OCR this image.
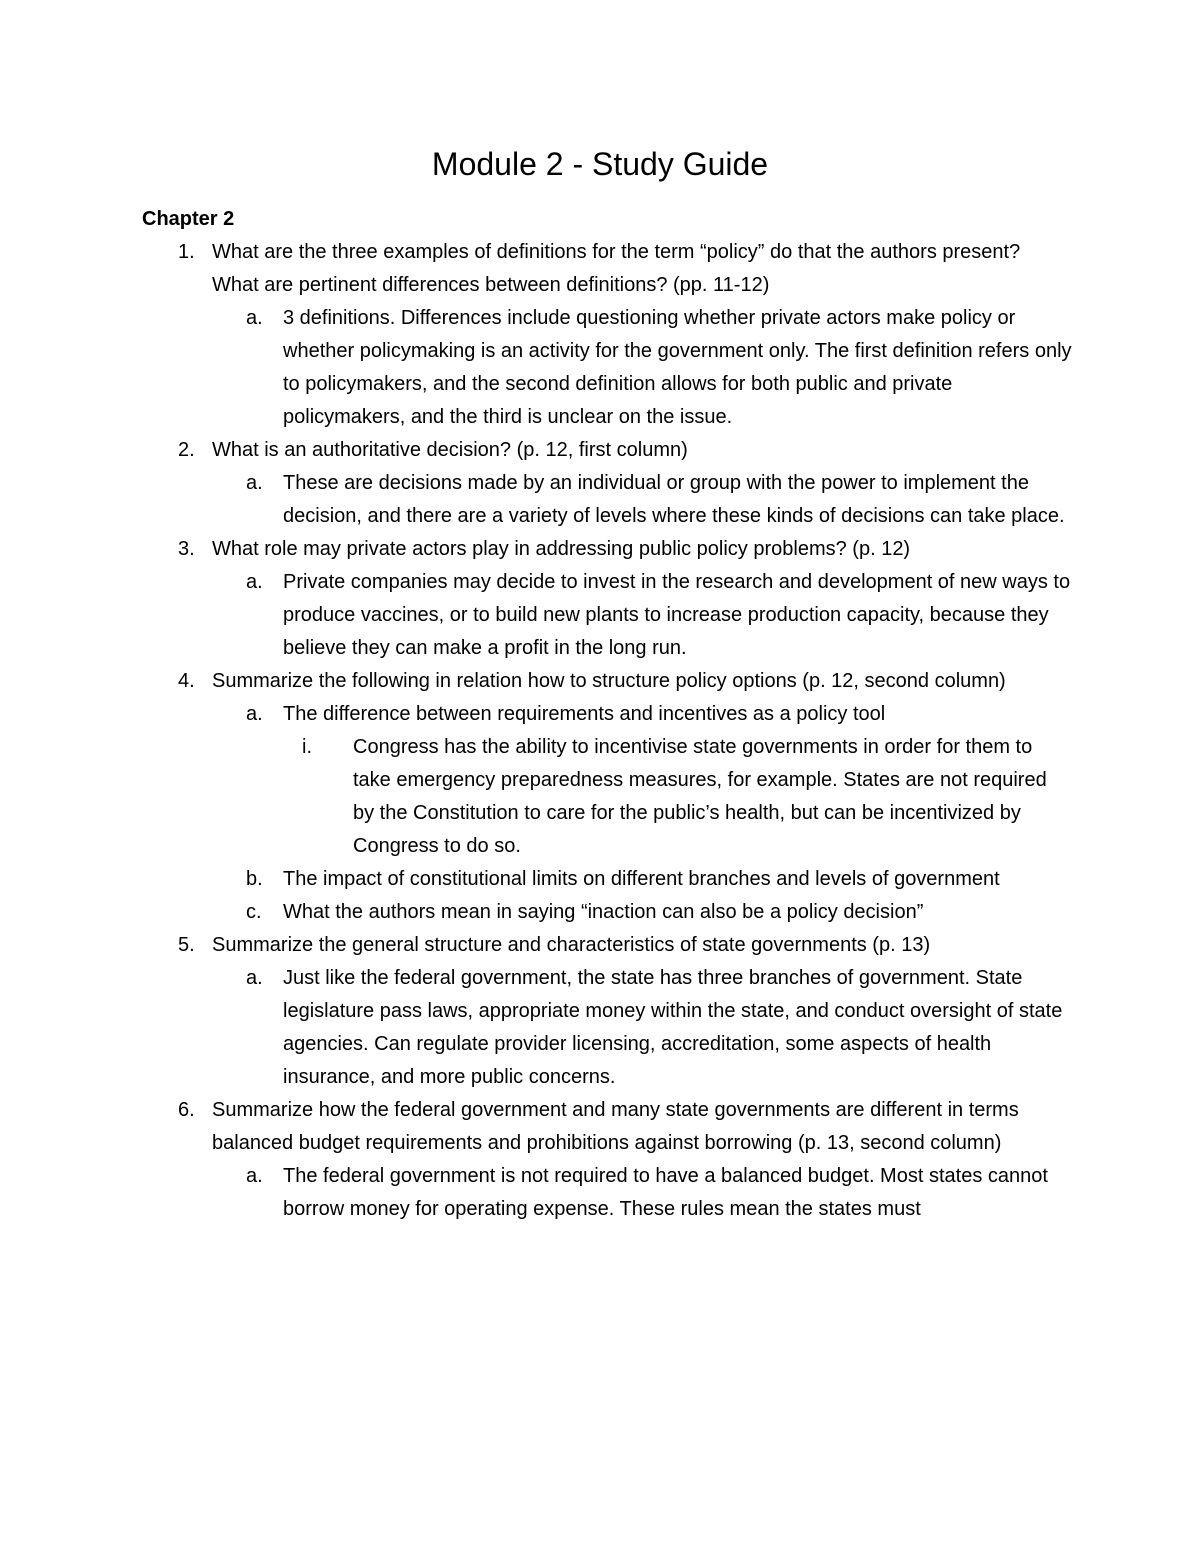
Module 2 - Study Guide
Chapter 2
1. What are the three examples of definitions for the term “policy” do that the authors present? What are pertinent differences between definitions? (pp. 11-12)
a. 3 definitions. Differences include questioning whether private actors make policy or whether policymaking is an activity for the government only. The first definition refers only to policymakers, and the second definition allows for both public and private policymakers, and the third is unclear on the issue.
2. What is an authoritative decision? (p. 12, first column)
a. These are decisions made by an individual or group with the power to implement the decision, and there are a variety of levels where these kinds of decisions can take place.
3. What role may private actors play in addressing public policy problems? (p. 12)
a. Private companies may decide to invest in the research and development of new ways to produce vaccines, or to build new plants to increase production capacity, because they believe they can make a profit in the long run.
4. Summarize the following in relation how to structure policy options (p. 12, second column)
a. The difference between requirements and incentives as a policy tool
i. Congress has the ability to incentivise state governments in order for them to take emergency preparedness measures, for example. States are not required by the Constitution to care for the public’s health, but can be incentivized by Congress to do so.
b. The impact of constitutional limits on different branches and levels of government
c. What the authors mean in saying “inaction can also be a policy decision”
5. Summarize the general structure and characteristics of state governments (p. 13)
a. Just like the federal government, the state has three branches of government. State legislature pass laws, appropriate money within the state, and conduct oversight of state agencies. Can regulate provider licensing, accreditation, some aspects of health insurance, and more public concerns.
6. Summarize how the federal government and many state governments are different in terms balanced budget requirements and prohibitions against borrowing (p. 13, second column)
a. The federal government is not required to have a balanced budget. Most states cannot borrow money for operating expense. These rules mean the states must
